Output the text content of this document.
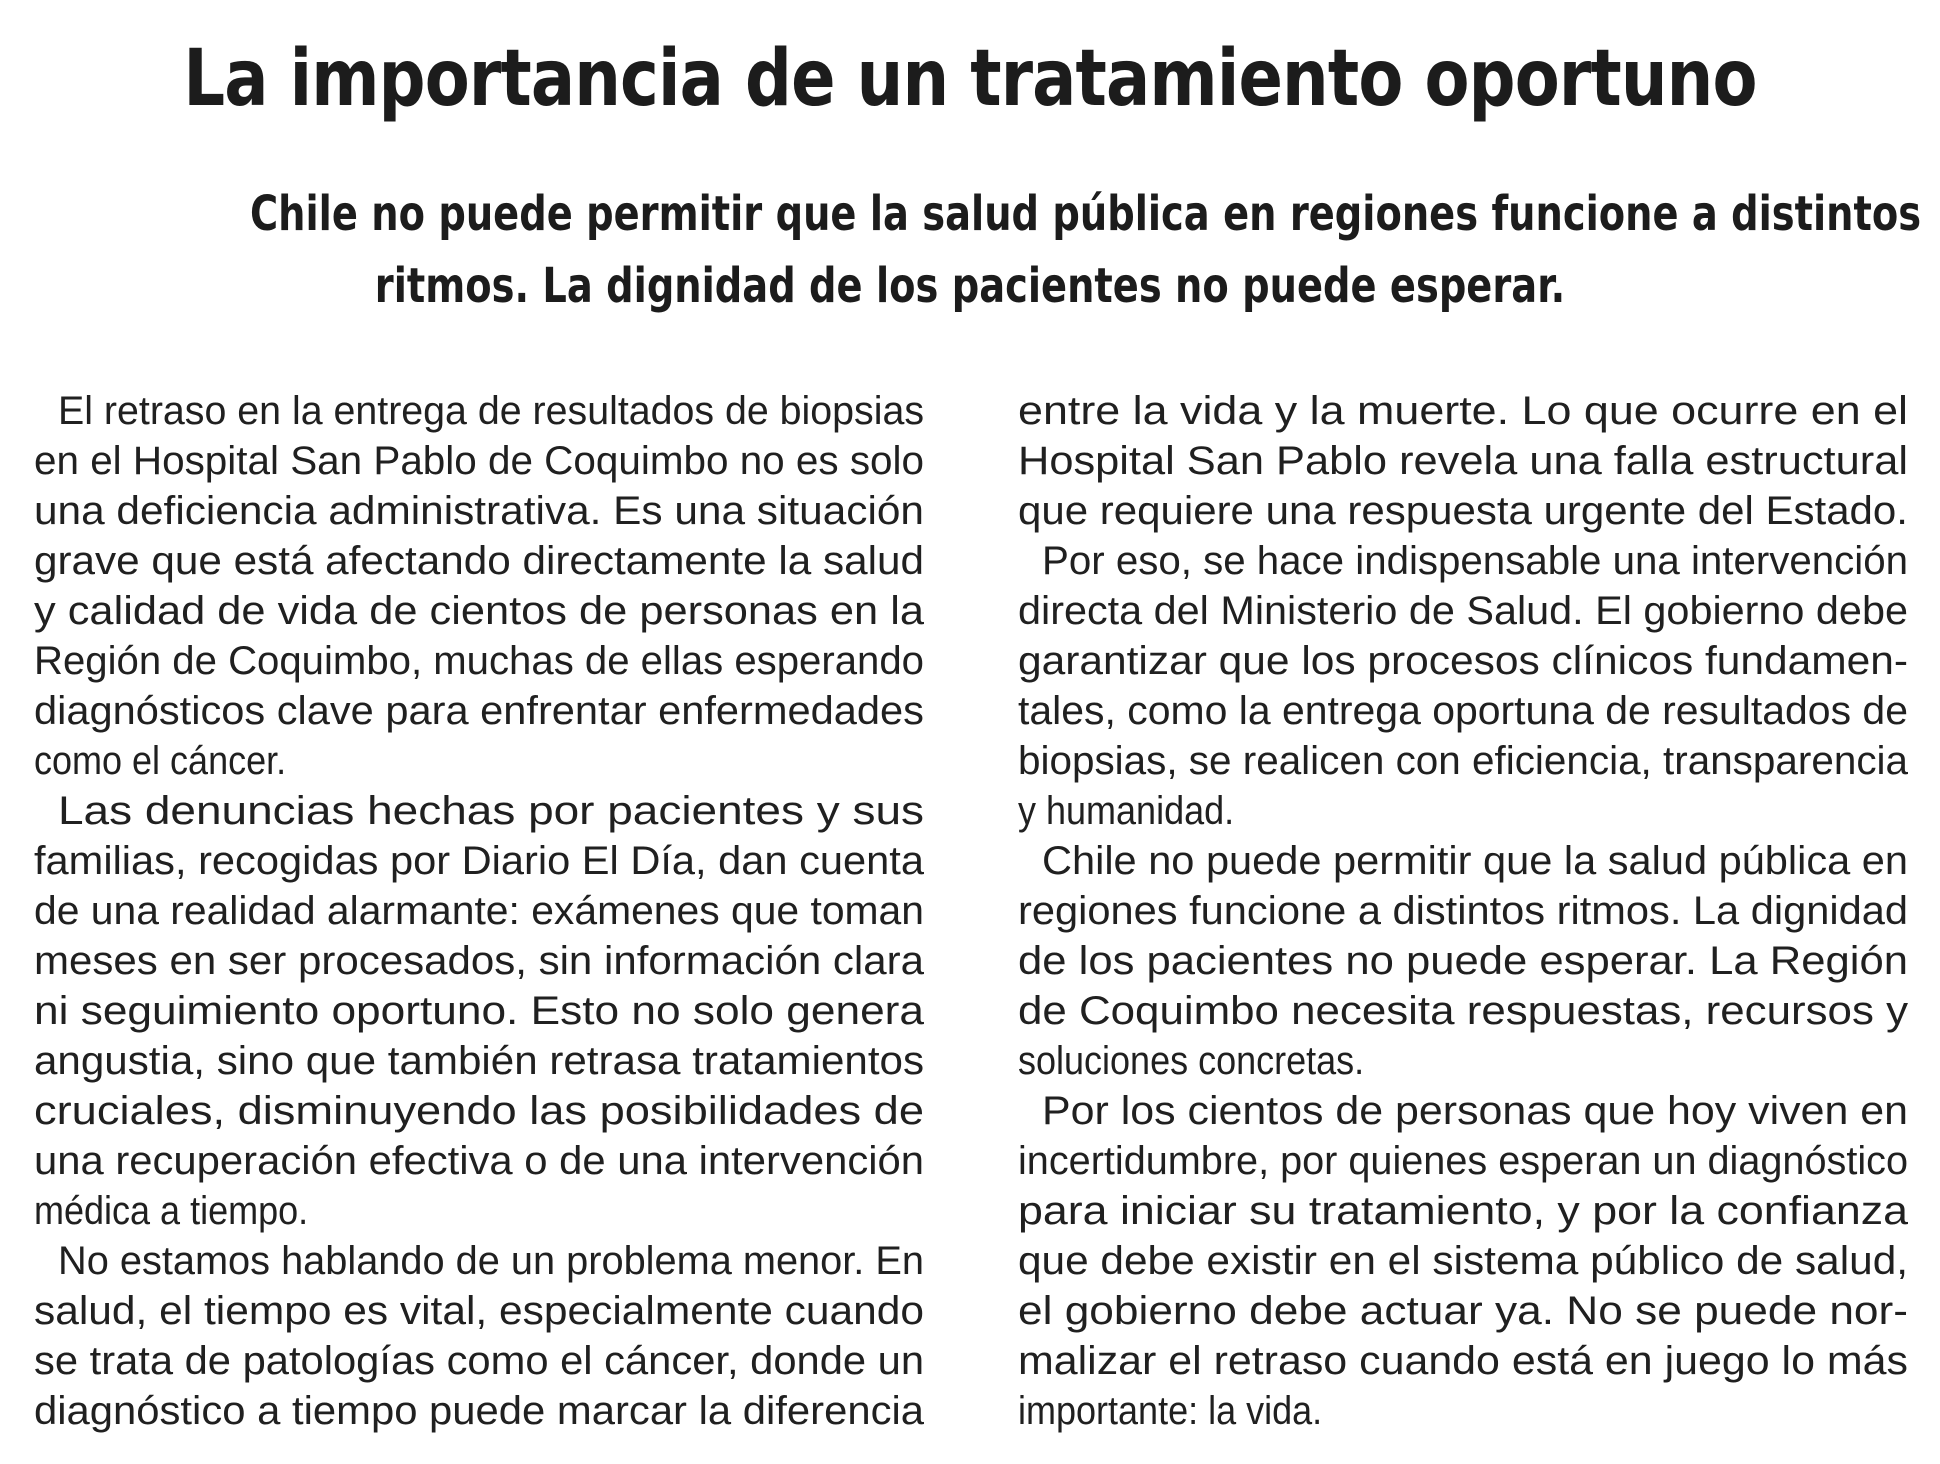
La importancia de un tratamiento oportuno
Chile no puede permitir que la salud pública en regiones funcione a distintos
ritmos. La dignidad de los pacientes no puede esperar.
El retraso en la entrega de resultados de biopsias
en el Hospital San Pablo de Coquimbo no es solo
una deficiencia administrativa. Es una situación
grave que está afectando directamente la salud
y calidad de vida de cientos de personas en la
Región de Coquimbo, muchas de ellas esperando
diagnósticos clave para enfrentar enfermedades
como el cáncer.
Las denuncias hechas por pacientes y sus
familias, recogidas por Diario El Día, dan cuenta
de una realidad alarmante: exámenes que toman
meses en ser procesados, sin información clara
ni seguimiento oportuno. Esto no solo genera
angustia, sino que también retrasa tratamientos
cruciales, disminuyendo las posibilidades de
una recuperación efectiva o de una intervención
médica a tiempo.
No estamos hablando de un problema menor. En
salud, el tiempo es vital, especialmente cuando
se trata de patologías como el cáncer, donde un
diagnóstico a tiempo puede marcar la diferencia
entre la vida y la muerte. Lo que ocurre en el
Hospital San Pablo revela una falla estructural
que requiere una respuesta urgente del Estado.
Por eso, se hace indispensable una intervención
directa del Ministerio de Salud. El gobierno debe
garantizar que los procesos clínicos fundamen-
tales, como la entrega oportuna de resultados de
biopsias, se realicen con eficiencia, transparencia
y humanidad.
Chile no puede permitir que la salud pública en
regiones funcione a distintos ritmos. La dignidad
de los pacientes no puede esperar. La Región
de Coquimbo necesita respuestas, recursos y
soluciones concretas.
Por los cientos de personas que hoy viven en
incertidumbre, por quienes esperan un diagnóstico
para iniciar su tratamiento, y por la confianza
que debe existir en el sistema público de salud,
el gobierno debe actuar ya. No se puede nor-
malizar el retraso cuando está en juego lo más
importante: la vida.
